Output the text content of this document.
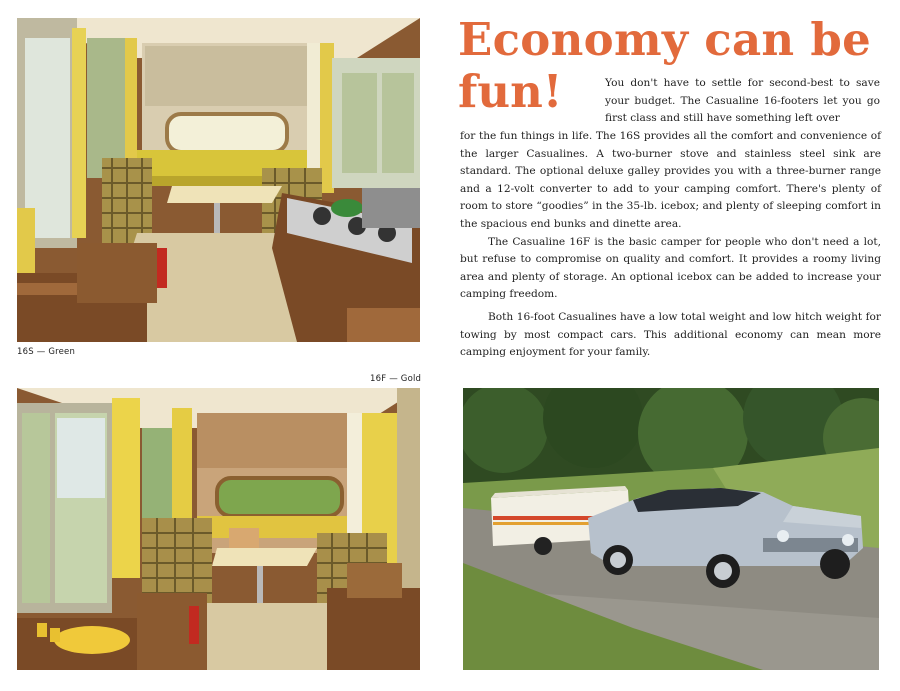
16S — Green
Economy can be
fun!	You don't have to settle for second-best to save your budget. The Casualine 16-footers let you go first class and still have something left over

for the fun things in life. The 16S provides all the comfort and convenience of the larger Casualines. A two-burner stove and stainless steel sink are standard. The optional deluxe galley provides you with a three-burner range and a 12-volt converter to add to your camping comfort. There's plenty of room to store “goodies” in the 35-lb. icebox; and plenty of sleeping comfort in the spacious end bunks and dinette area.

The Casualine 16F is the basic camper for people who don't need a lot, but refuse to compromise on quality and comfort. It provides a roomy living area and plenty of storage. An optional icebox can be added to increase your camping freedom.

Both 16-foot Casualines have a low total weight and low hitch weight for towing by most compact cars. This additional economy can mean more camping enjoyment for your family.

16F — Gold
